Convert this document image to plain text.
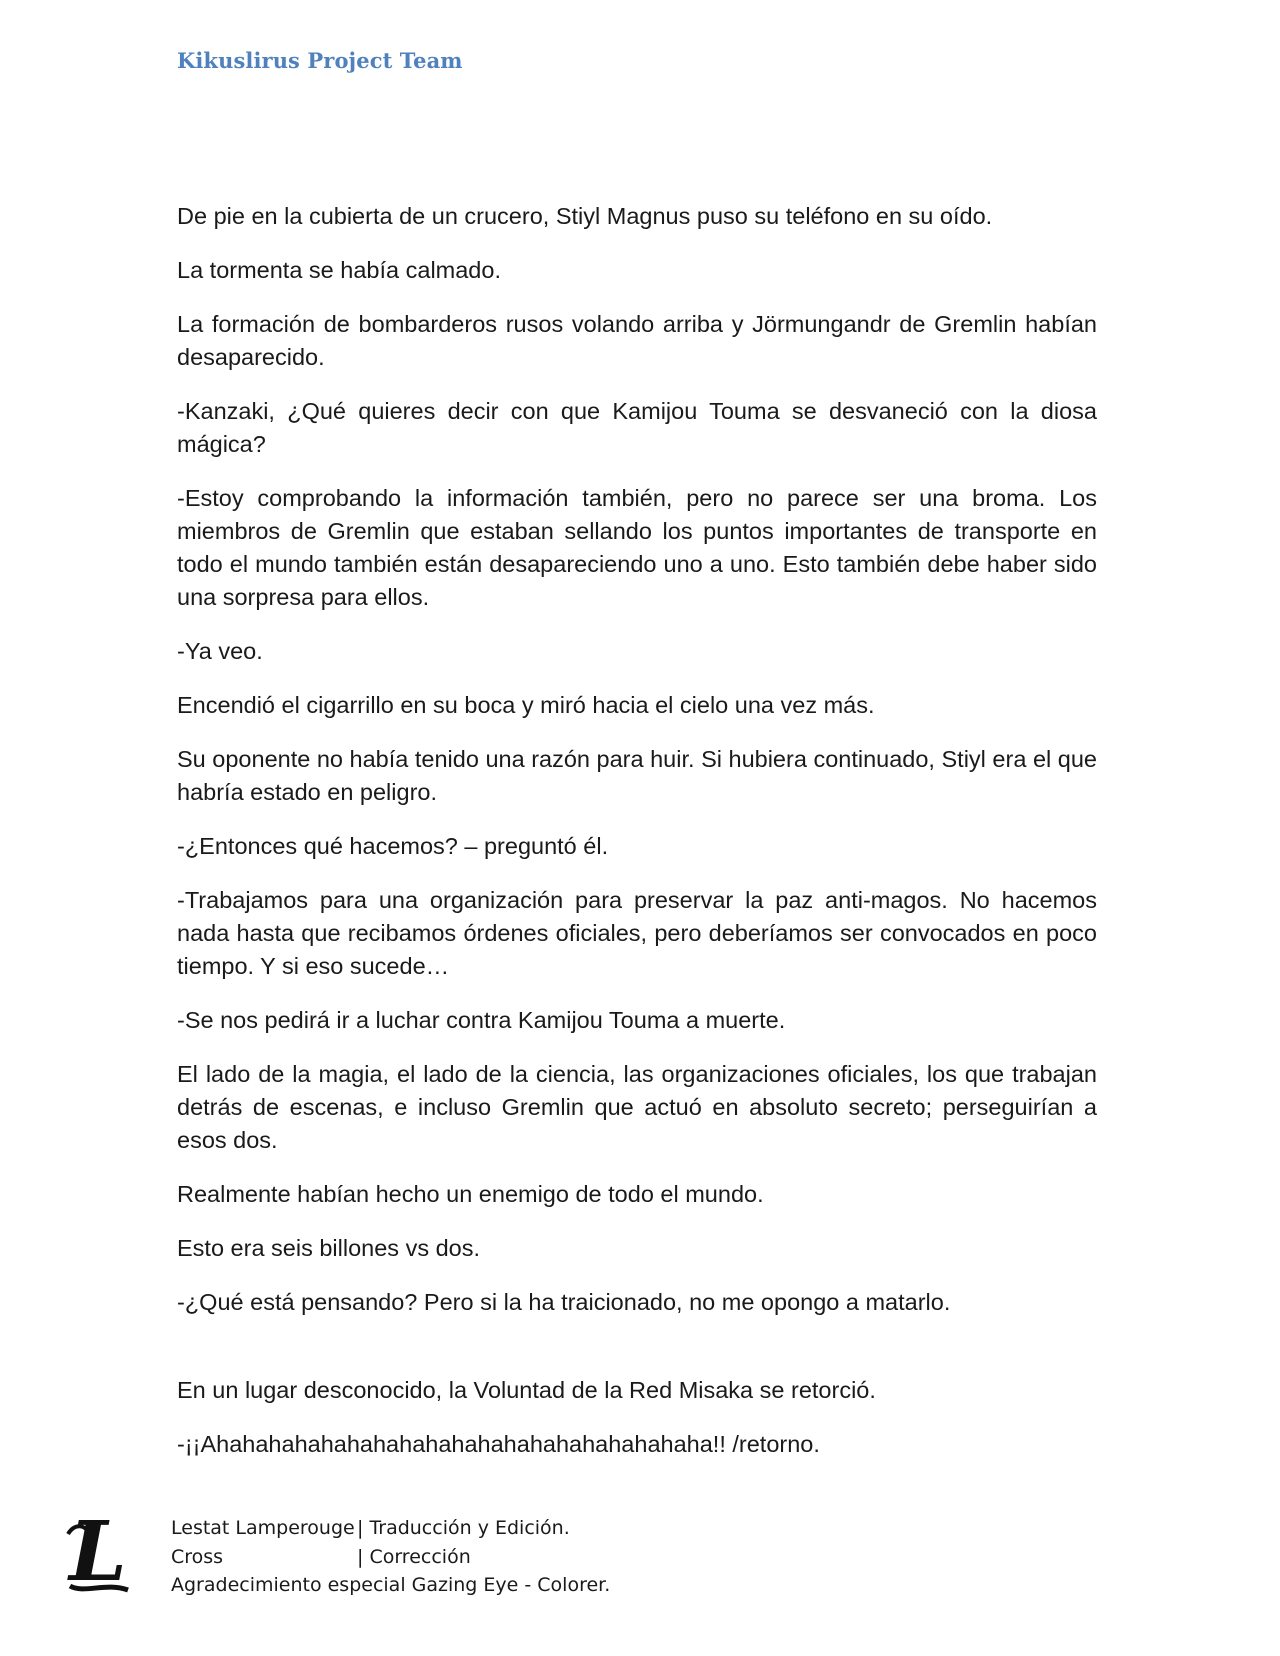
Kikuslirus Project Team

De pie en la cubierta de un crucero, Stiyl Magnus puso su teléfono en su oído.

La tormenta se había calmado.

La formación de bombarderos rusos volando arriba y Jörmungandr de Gremlin habían desaparecido.

-Kanzaki, ¿Qué quieres decir con que Kamijou Touma se desvaneció con la diosa mágica?

-Estoy comprobando la información también, pero no parece ser una broma. Los miembros de Gremlin que estaban sellando los puntos importantes de transporte en todo el mundo también están desapareciendo uno a uno. Esto también debe haber sido una sorpresa para ellos.

-Ya veo.

Encendió el cigarrillo en su boca y miró hacia el cielo una vez más.

Su oponente no había tenido una razón para huir. Si hubiera continuado, Stiyl era el que habría estado en peligro.

-¿Entonces qué hacemos? – preguntó él.

-Trabajamos para una organización para preservar la paz anti-magos. No hacemos nada hasta que recibamos órdenes oficiales, pero deberíamos ser convocados en poco tiempo. Y si eso sucede…

-Se nos pedirá ir a luchar contra Kamijou Touma a muerte.

El lado de la magia, el lado de la ciencia, las organizaciones oficiales, los que trabajan detrás de escenas, e incluso Gremlin que actuó en absoluto secreto; perseguirían a esos dos.

Realmente habían hecho un enemigo de todo el mundo.

Esto era seis billones vs dos.

-¿Qué está pensando? Pero si la ha traicionado, no me opongo a matarlo.

En un lugar desconocido, la Voluntad de la Red Misaka se retorció.

-¡¡Ahahahahahahahahahahahahahahahahahahaha!! /retorno.

L Lestat Lamperouge | Traducción y Edición.
Cross	| Corrección
Agradecimiento especial Gazing Eye - Colorer.
